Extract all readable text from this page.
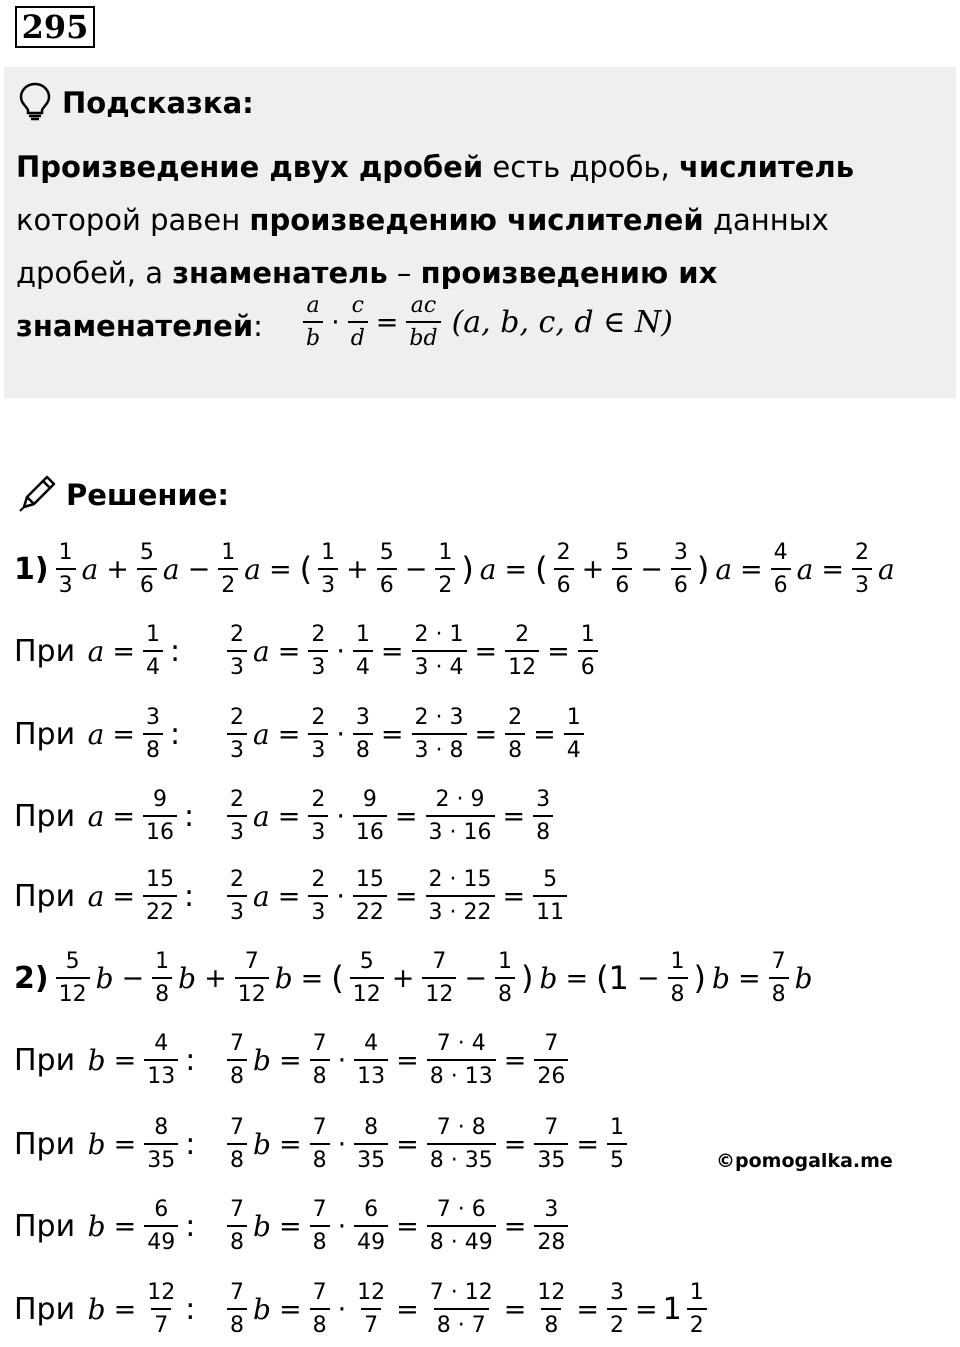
295
Подсказка:
Произведение двух дробей есть дробь, числитель которой равен произведению числителей данных дробей, а знаменатель – произведению их знаменателей:	$\frac{a}{b} \cdot \frac{c}{d} = \frac{ac}{bd} (a$, b, c, d ∈ N)
Решение:
$1) \frac{1}{3}$ $a + \frac{5}{6}$ $a - \frac{1}{2}$ a = ( $\frac{1}{3} + \frac{5}{6} - \frac{1}{2}$ ) a = ( $\frac{2}{6} + \frac{5}{6} - \frac{3}{6}$ ) $a = \frac{4}{6}$ $a = \frac{2}{3}$ a
При
$a = \frac{1}{4}$ : $\frac{2}{3}$ $a = \frac{2}{3} \cdot \frac{1}{4} = \frac{2 \cdot 1}{3 \cdot 4} = \frac{2}{12} = \frac{1}{6}$
При
$a = \frac{3}{8}$ : $\frac{2}{3}$ $a = \frac{2}{3} \cdot \frac{3}{8} = \frac{2 \cdot 3}{3 \cdot 8} = \frac{2}{8} = \frac{1}{4}$
При
$a = \frac{9}{16}$ : $\frac{2}{3}$ $a = \frac{2}{3} \cdot \frac{9}{16} = \frac{2 \cdot 9}{3 \cdot 16} = \frac{3}{8}$
При
$a = \frac{15}{22}$ : $\frac{2}{3}$ $a = \frac{2}{3} \cdot \frac{15}{22} = \frac{2 \cdot 15}{3 \cdot 22} = \frac{5}{11}$
$2) \frac{5}{12}$ $b - \frac{1}{8}$ $b + \frac{7}{12}$ b = ( $\frac{5}{12} + \frac{7}{12} - \frac{1}{8}$ ) $b = (1 - \frac{1}{8}$ ) $b = \frac{7}{8}$ b
При
$b = \frac{4}{13}$ : $\frac{7}{8}$ $b = \frac{7}{8} \cdot \frac{4}{13} = \frac{7 \cdot 4}{8 \cdot 13} = \frac{7}{26}$
При
$b = \frac{8}{35}$ : $\frac{7}{8}$ $b = \frac{7}{8} \cdot \frac{8}{35} = \frac{7 \cdot 8}{8 \cdot 35} = \frac{7}{35} = \frac{1}{5}$	©pomogalka.me
При
$b = \frac{6}{49}$ : $\frac{7}{8}$ $b = \frac{7}{8} \cdot \frac{6}{49} = \frac{7 \cdot 6}{8 \cdot 49} = \frac{3}{28}$
При
$b = \frac{12}{7}$ : $\frac{7}{8}$ $b = \frac{7}{8} \cdot \frac{12}{7} = \frac{7 \cdot 12}{8 \cdot 7} = \frac{12}{8} = \frac{3}{2} = 1 \frac{1}{2}$
